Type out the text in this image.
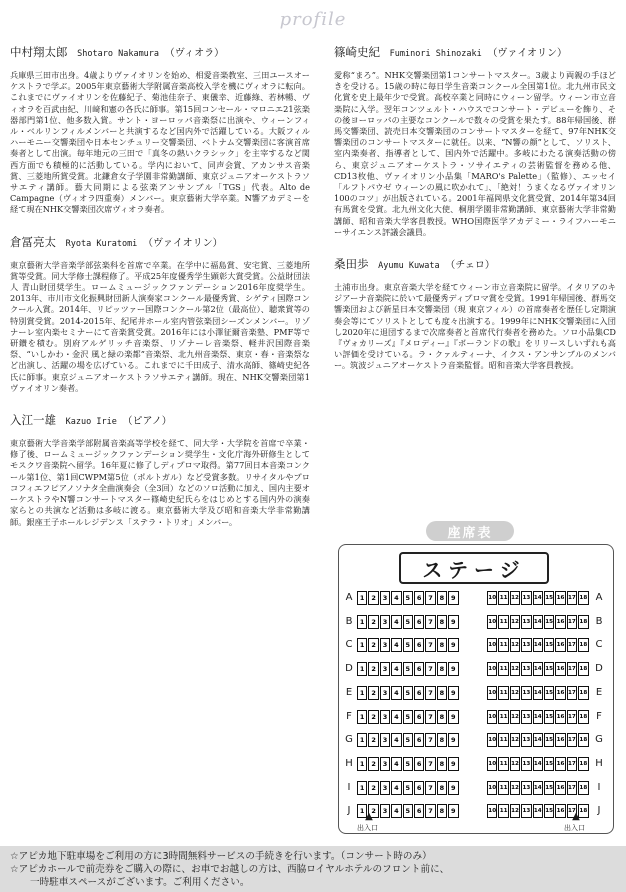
profile
中村翔太郎 Shotaro Nakamura （ヴィオラ）
兵庫県三田市出身。4歳よりヴァイオリンを始め、相愛音楽教室、三田ユースオーケストラで学ぶ。2005年東京藝術大学附属音楽高校入学を機にヴィオラに転向。これまでにヴァイオリンを佐藤紀子、菊池佳奈子、東儀幸、近藤綠、若林暢、ヴィオラを百武由紀、川﨑和憲の各氏に師事。第15回コンセール・マロニエ21弦楽器部門第1位、他多数入賞。サント・ヨーロッパ音楽祭に出演や、ウィーンフィル・ベルリンフィルメンバーと共演するなど国内外で活躍している。大阪フィルハーモニー交響楽団や日本センチュリー交響楽団、ベトナム交響楽団に客演首席奏者として出演。毎年地元の三田で「真冬の熱いクラシック」を主宰するなど関西方面でも積極的に活動している。学内において、同声会賞、アカンサス音楽賞、三菱地所賞受賞。北鎌倉女子学園非常勤講師、東京ジュニアオーケストラソサエティ講師。藝大同期による弦楽アンサンブル「TGS」代表。Alto de Campagne（ヴィオラ四重奏）メンバー。東京藝術大学卒業。N響アカデミーを経て現在NHK交響楽団次席ヴィオラ奏者。
倉冨亮太 Ryota Kuratomi （ヴァイオリン）
東京藝術大学音楽学部弦楽科を首席で卒業。在学中に福島賞、安宅賞、三菱地所賞等受賞。同大学修士課程修了。平成25年度優秀学生顕彰大賞受賞。公益財団法人 青山財団奨学生。ロームミュージックファンデーション2016年度奨学生。2013年、市川市文化振興財団新人演奏家コンクール最優秀賞、シゲティ国際コンクール入賞。2014年、リピッツァー国際コンクール第2位（最高位）、聴衆賞等の特別賞受賞。2014-2015年、紀尾井ホール室内管弦楽団シーズンメンバー。リゾナーレ室内楽セミナーにて音楽賞受賞。2016年には小澤征爾音楽塾、PMF等で研鑽を積む。別府アルゲリッチ音楽祭、リゾナーレ音楽祭、軽井沢国際音楽祭、“いしかわ・金沢 風と緑の楽都”音楽祭、北九州音楽祭、東京・春・音楽祭など出演し、活躍の場を広げている。これまでに千田成子、清水高師、篠崎史紀各氏に師事。東京ジュニアオーケストラソサエティ講師。現在、NHK交響楽団第1ヴァイオリン奏者。
入江一雄 Kazuo Irie （ピアノ）
東京藝術大学音楽学部附属音楽高等学校を経て、同大学・大学院を首席で卒業・修了後、ロームミュージックファンデーション奨学生・文化庁海外研修生としてモスクワ音楽院へ留学。16年夏に修了しディプロマ取得。第77回日本音楽コンクール第1位、第1回CWPM第5位（ポルトガル）など受賞多数。リサイタルやプロコフィエフピアノソナタ全曲演奏会（全3回）などのソロ活動に加え、国内主要オーケストラやN響コンサートマスター篠崎史紀氏らをはじめとする国内外の演奏家らとの共演など活動は多岐に渡る。東京藝術大学及び昭和音楽大学非常勤講師。銀座王子ホールレジデンス「ステラ・トリオ」メンバー。
篠崎史紀 Fuminori Shinozaki （ヴァイオリン）
愛称“まろ”。NHK交響楽団第1コンサートマスター。3歳より両親の手ほどきを受ける。15歳の時に毎日学生音楽コンクール全国第1位。北九州市民文化賞を史上最年少で受賞。高校卒業と同時にウィーン留学。ウィーン市立音楽院に入学。翌年コンツェルト・ハウスでコンサート・デビューを飾り、その後ヨーロッパの主要なコンクールで数々の受賞を果たす。88年帰国後、群馬交響楽団、読売日本交響楽団のコンサートマスターを経て、97年NHK交響楽団のコンサートマスターに就任。以来、“N響の顔”として、ソリスト、室内楽奏者、指導者として、国内外で活躍中。多岐にわたる演奏活動の傍ら、東京ジュニアオーケストラ・ソサイエティの芸術監督を務める他、CD13枚他、ヴァイオリン小品集「MARO's Palette」（監修）、エッセイ「ルフトパウゼ ウィーンの風に吹かれて」、「絶対！うまくなるヴァイオリン 100のコツ」が出版されている。2001年福岡県文化賞受賞、2014年第34回有馬賞を受賞。北九州文化大使、桐朋学園非常勤講師、東京藝術大学非常勤講師、昭和音楽大学客員教授。WHO国際医学アカデミー・ライフハーモニーサイエンス評議会議員。
桑田歩 Ayumu Kuwata （チェロ）
土浦市出身。東京音楽大学を経てウィーン市立音楽院に留学。イタリアのキジアーナ音楽院に於いて最優秀ディプロマ賞を受賞。1991年帰国後、群馬交響楽団および新星日本交響楽団（現 東京フィル）の首席奏者を歴任し定期演奏会等にてソリストとしても度々出演する。1999年にNHK交響楽団に入団し2020年に退団するまで次席奏者と首席代行奏者を務めた。ソロ小品集CD『ヴォカリーズ』『メロディー』『ボーランドの歌』をリリースしいずれも高い評価を受けている。ラ・クァルティーナ、イクス・アンサンブルのメンバー。筑波ジュニアオーケストラ音楽監督。昭和音楽大学客員教授。
座席表
ステージ
A	1	2	3	4	5	6	7	8	9	10 11 12 13 14 15 16 17 18 A
B	1	2	3	4	5	6	7	8	9	10 11 12 13 14 15 16 17 18 B
C	1	2	3	4	5	6	7	8	9	10 11 12 13 14 15 16 17 18 C
D	1	2	3	4	5	6	7	8	9	10 11 12 13 14 15 16 17 18 D
E	1	2	3	4	5	6	7	8	9	10 11 12 13 14 15 16 17 18 E
F	1	2	3	4	5	6	7	8	9	10 11 12 13 14 15 16 17 18 F
G	1	2	3	4	5	6	7	8	9	10 11 12 13 14 15 16 17 18 G
H	1	2	3	4	5	6	7	8	9	10 11 12 13 14 15 16 17 18 H
I	1	2	3	4	5	6	7	8	9	10 11 12 13 14 15 16 17 18	I
J	1	2	3	4	5	6	7	8	9	10 11 12 13 14 15 16 17 18	J
▲
出入口
▲
出入口

☆アピカ地下駐車場をご利用の方に3時間無料サービスの手続きを行います。（コンサート時のみ）

☆アピカホールで前売券をご購入の際に、お車でお越しの方は、西脇ロイヤルホテルのフロント前に、

一時駐車スペースがございます。ご利用ください。
